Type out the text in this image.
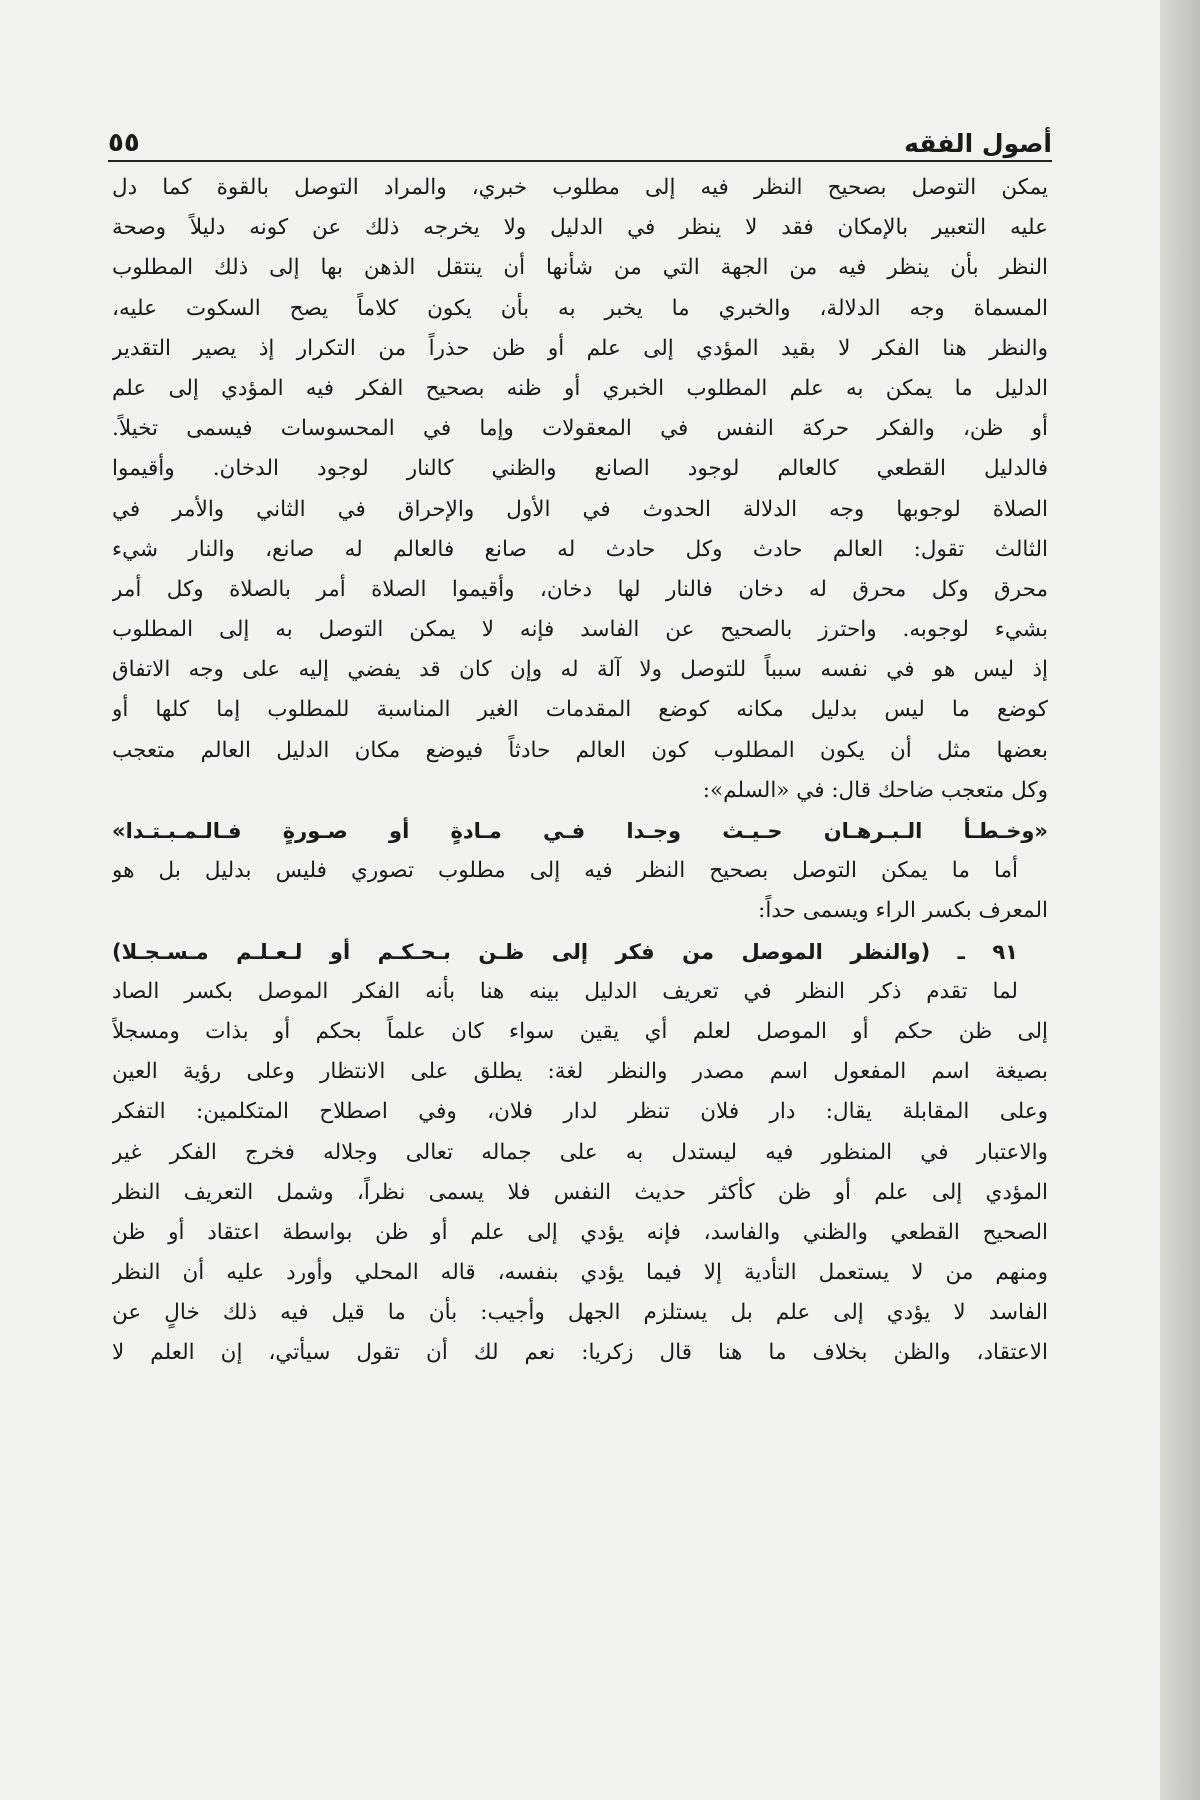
أصول الفقه
٥٥
يمكن التوصل بصحيح النظر فيه إلى مطلوب خبري، والمراد التوصل بالقوة كما دل
عليه التعبير بالإمكان فقد لا ينظر في الدليل ولا يخرجه ذلك عن كونه دليلاً وصحة
النظر بأن ينظر فيه من الجهة التي من شأنها أن ينتقل الذهن بها إلى ذلك المطلوب
المسماة وجه الدلالة، والخبري ما يخبر به بأن يكون كلاماً يصح السكوت عليه،
والنظر هنا الفكر لا بقيد المؤدي إلى علم أو ظن حذراً من التكرار إذ يصير التقدير
الدليل ما يمكن به علم المطلوب الخبري أو ظنه بصحيح الفكر فيه المؤدي إلى علم
أو ظن، والفكر حركة النفس في المعقولات وإما في المحسوسات فيسمى تخيلاً.
فالدليل القطعي كالعالم لوجود الصانع والظني كالنار لوجود الدخان. وأقيموا
الصلاة لوجوبها وجه الدلالة الحدوث في الأول والإحراق في الثاني والأمر في
الثالث تقول: العالم حادث وكل حادث له صانع فالعالم له صانع، والنار شيء
محرق وكل محرق له دخان فالنار لها دخان، وأقيموا الصلاة أمر بالصلاة وكل أمر
بشيء لوجوبه. واحترز بالصحيح عن الفاسد فإنه لا يمكن التوصل به إلى المطلوب
إذ ليس هو في نفسه سبباً للتوصل ولا آلة له وإن كان قد يفضي إليه على وجه الاتفاق
كوضع ما ليس بدليل مكانه كوضع المقدمات الغير المناسبة للمطلوب إما كلها أو
بعضها مثل أن يكون المطلوب كون العالم حادثاً فيوضع مكان الدليل العالم متعجب
وكل متعجب ضاحك قال: في «السلم»:
«وخـطـأ الـبـرهـان حـيـث وجـدا فـي مـادةٍ أو صـورةٍ فـالـمـبـتـدا»
أما ما يمكن التوصل بصحيح النظر فيه إلى مطلوب تصوري فليس بدليل بل هو
المعرف بكسر الراء ويسمى حداً:
٩١ ـ (والنظر الموصل من فكر إلى ظـن بـحـكـم أو لـعـلـم مـسـجـلا)
لما تقدم ذكر النظر في تعريف الدليل بينه هنا بأنه الفكر الموصل بكسر الصاد
إلى ظن حكم أو الموصل لعلم أي يقين سواء كان علماً بحكم أو بذات ومسجلاً
بصيغة اسم المفعول اسم مصدر والنظر لغة: يطلق على الانتظار وعلى رؤية العين
وعلى المقابلة يقال: دار فلان تنظر لدار فلان، وفي اصطلاح المتكلمين: التفكر
والاعتبار في المنظور فيه ليستدل به على جماله تعالى وجلاله فخرج الفكر غير
المؤدي إلى علم أو ظن كأكثر حديث النفس فلا يسمى نظراً، وشمل التعريف النظر
الصحيح القطعي والظني والفاسد، فإنه يؤدي إلى علم أو ظن بواسطة اعتقاد أو ظن
ومنهم من لا يستعمل التأدية إلا فيما يؤدي بنفسه، قاله المحلي وأورد عليه أن النظر
الفاسد لا يؤدي إلى علم بل يستلزم الجهل وأجيب: بأن ما قيل فيه ذلك خالٍ عن
الاعتقاد، والظن بخلاف ما هنا قال زكريا: نعم لك أن تقول سيأتي، إن العلم لا
